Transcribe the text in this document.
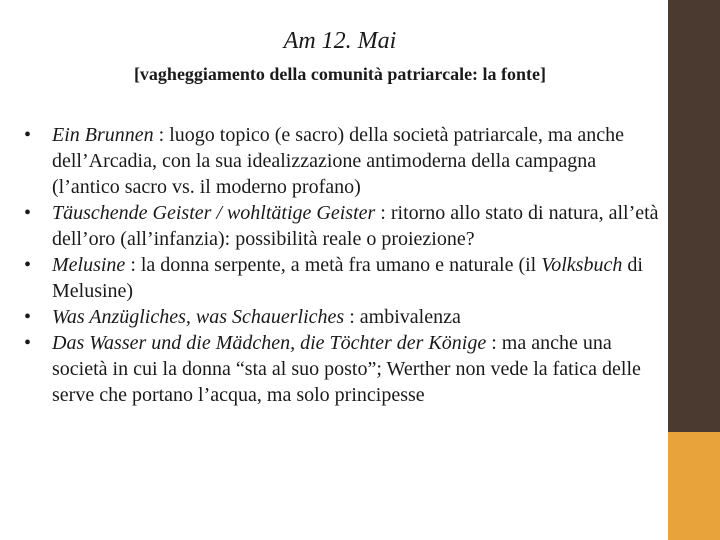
Am 12. Mai
[vagheggiamento della comunità patriarcale: la fonte]
• Ein Brunnen : luogo topico (e sacro) della società patriarcale, ma anche dell’Arcadia, con la sua idealizzazione antimoderna della campagna (l’antico sacro vs. il moderno profano)
• Täuschende Geister / wohltätige Geister : ritorno allo stato di natura, all’età dell’oro (all’infanzia): possibilità reale o proiezione?
• Melusine : la donna serpente, a metà fra umano e naturale (il Volksbuch di Melusine)
• Was Anzügliches, was Schauerliches : ambivalenza
• Das Wasser und die Mädchen, die Töchter der Könige : ma anche una società in cui la donna “sta al suo posto”; Werther non vede la fatica delle serve che portano l’acqua, ma solo principesse
